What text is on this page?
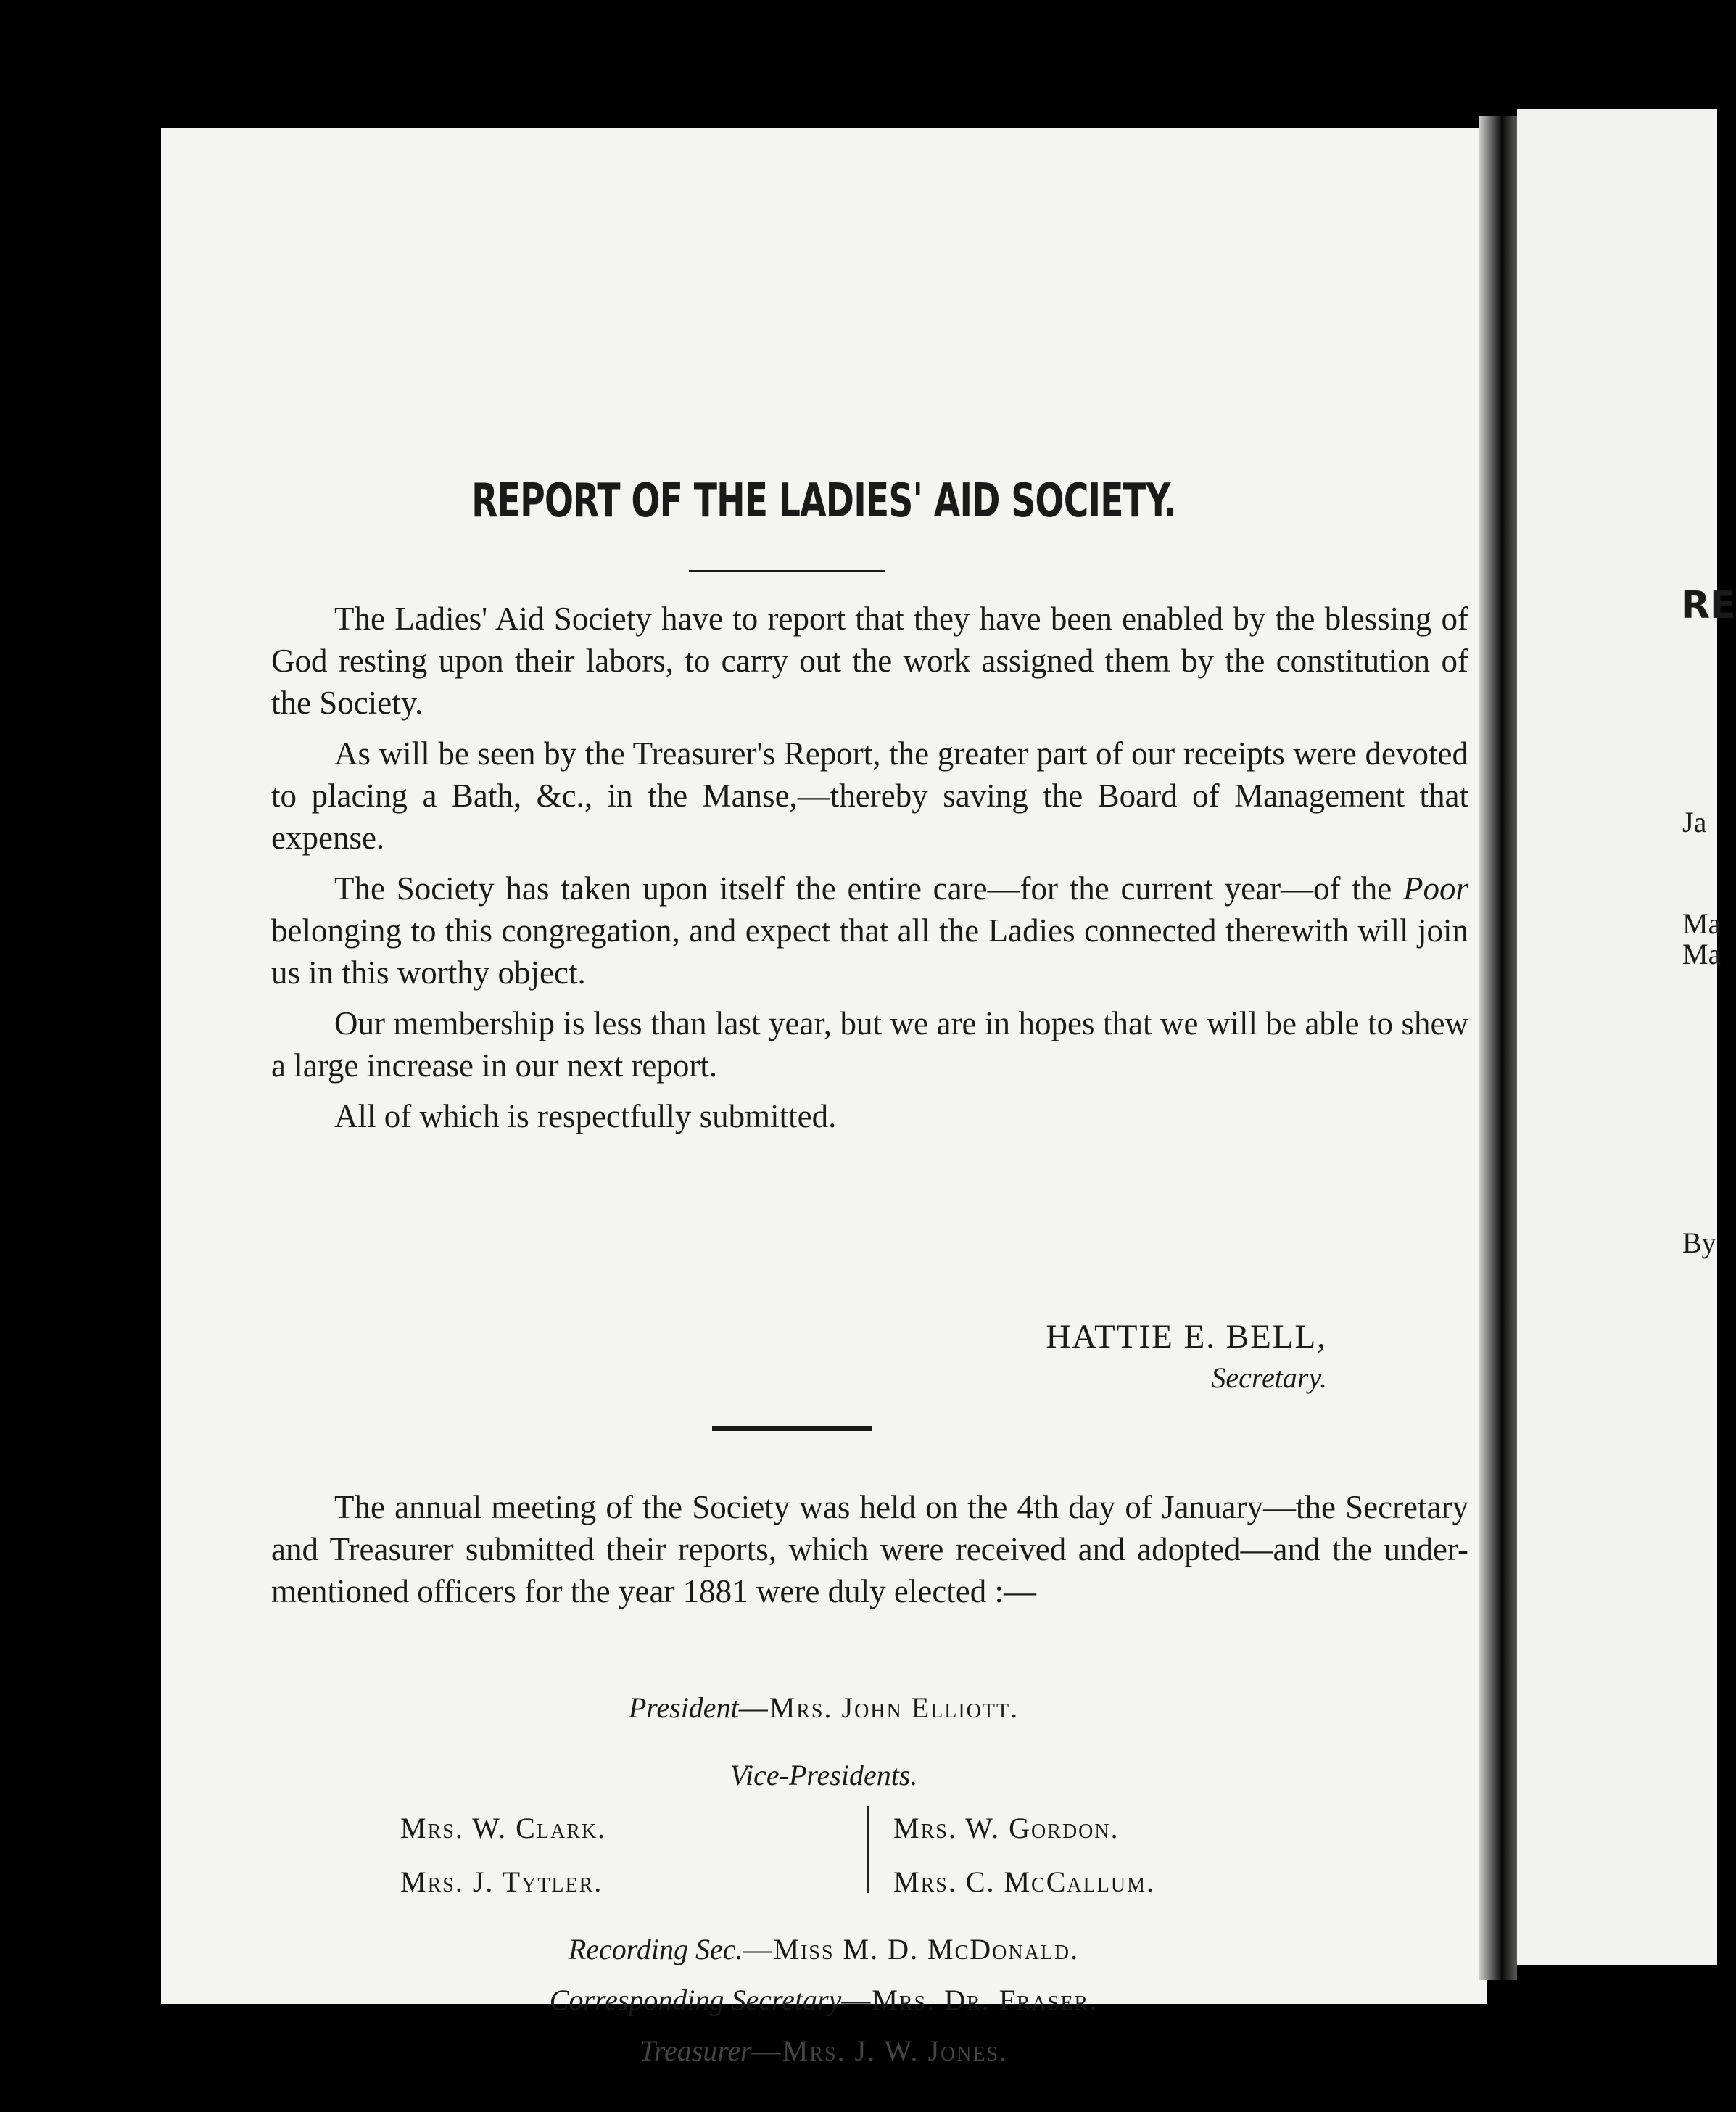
REPORT OF THE LADIES' AID SOCIETY.

The Ladies' Aid Society have to report that they have been enabled by the blessing of God resting upon their labors, to carry out the work assigned them by the constitution of the Society.

As will be seen by the Treasurer's Report, the greater part of our receipts were devoted to placing a Bath, &c., in the Manse,—thereby saving the Board of Management that expense.

The Society has taken upon itself the entire care—for the current year—of the Poor belonging to this congregation, and expect that all the Ladies connected therewith will join us in this worthy object.

Our membership is less than last year, but we are in hopes that we will be able to shew a large increase in our next report.

All of which is respectfully submitted.

HATTIE E. BELL,
Secretary.

The annual meeting of the Society was held on the 4th day of January—the Secretary and Treasurer submitted their reports, which were received and adopted—and the under-mentioned officers for the year 1881 were duly elected :—

President—Mrs. John Elliott.
Vice-Presidents.
Mrs. W. Clark.
Mrs. J. Tytler.
Mrs. W. Gordon.
Mrs. C. McCallum.
Recording Sec.—Miss M. D. McDonald.
Corresponding Secretary—Mrs. Dr. Fraser.
Treasurer—Mrs. J. W. Jones.
RE
Ja
Ma
Ma
By
